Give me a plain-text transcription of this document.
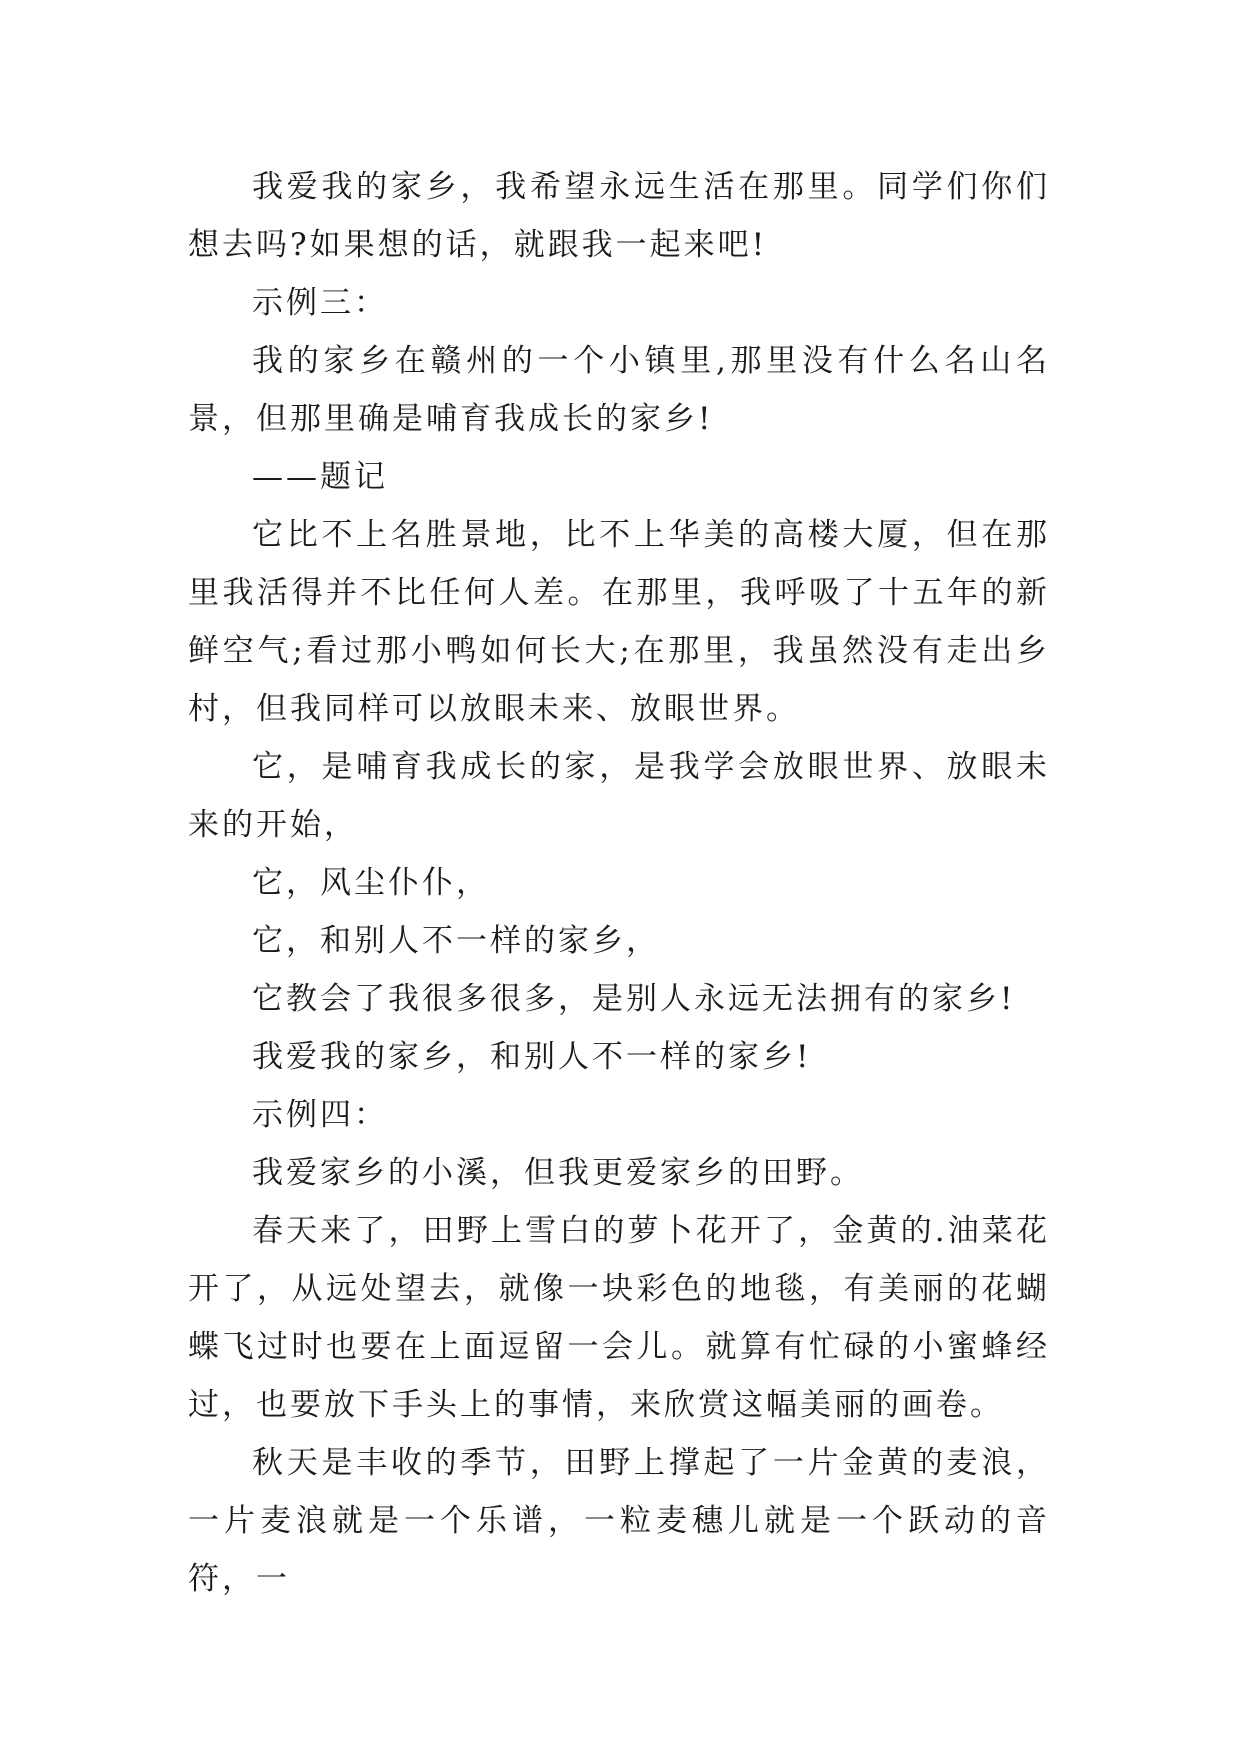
我爱我的家乡，我希望永远生活在那里。同学们你们想去吗?如果想的话，就跟我一起来吧!

示例三：

我的家乡在赣州的一个小镇里,那里没有什么名山名景，但那里确是哺育我成长的家乡!

——题记

它比不上名胜景地，比不上华美的高楼大厦，但在那里我活得并不比任何人差。在那里，我呼吸了十五年的新鲜空气;看过那小鸭如何长大;在那里，我虽然没有走出乡村，但我同样可以放眼未来、放眼世界。

它，是哺育我成长的家，是我学会放眼世界、放眼未来的开始，

它，风尘仆仆，

它，和别人不一样的家乡，

它教会了我很多很多，是别人永远无法拥有的家乡!

我爱我的家乡，和别人不一样的家乡!

示例四：

我爱家乡的小溪，但我更爱家乡的田野。

春天来了，田野上雪白的萝卜花开了，金黄的.油菜花开了，从远处望去，就像一块彩色的地毯，有美丽的花蝴蝶飞过时也要在上面逗留一会儿。就算有忙碌的小蜜蜂经过，也要放下手头上的事情，来欣赏这幅美丽的画卷。

秋天是丰收的季节，田野上撑起了一片金黄的麦浪，一片麦浪就是一个乐谱，一粒麦穗儿就是一个跃动的音符，一
